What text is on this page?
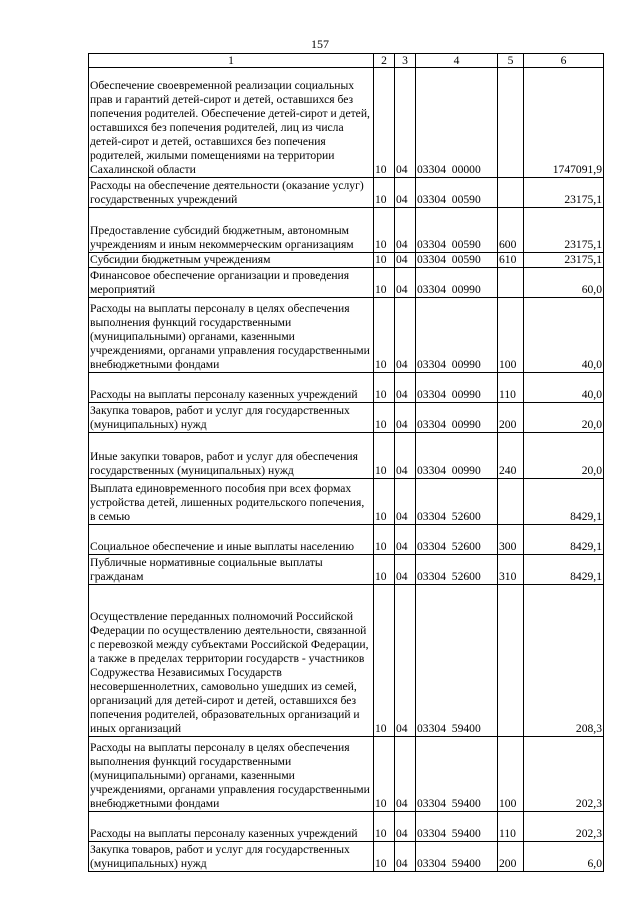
157
1	2	3	4	5	6
Обеспечение своевременной реализации социальных прав и гарантий детей-сирот и детей, оставшихся без попечения родителей. Обеспечение детей-сирот и детей, оставшихся без попечения родителей, лиц из числа детей-сирот и детей, оставшихся без попечения родителей, жилыми помещениями на территории Сахалинской области	10	04	03304  00000		1747091,9
Расходы на обеспечение деятельности (оказание услуг) государственных учреждений	10	04	03304  00590		23175,1
Предоставление субсидий бюджетным, автономным учреждениям и иным некоммерческим организациям	10	04	03304  00590	600	23175,1
Субсидии бюджетным учреждениям	10	04	03304  00590	610	23175,1
Финансовое обеспечение организации и проведения мероприятий	10	04	03304  00990		60,0
Расходы на выплаты персоналу в целях обеспечения выполнения функций государственными (муниципальными) органами, казенными учреждениями, органами управления государственными внебюджетными фондами	10	04	03304  00990	100	40,0
Расходы на выплаты персоналу казенных учреждений	10	04	03304  00990	110	40,0
Закупка товаров, работ и услуг для государственных (муниципальных) нужд	10	04	03304  00990	200	20,0
Иные закупки товаров, работ и услуг для обеспечения государственных (муниципальных) нужд	10	04	03304  00990	240	20,0
Выплата единовременного пособия при всех формах устройства детей, лишенных родительского попечения, в семью	10	04	03304  52600		8429,1
Социальное обеспечение и иные выплаты населению	10	04	03304  52600	300	8429,1
Публичные нормативные социальные выплаты гражданам	10	04	03304  52600	310	8429,1
Осуществление переданных полномочий Российской Федерации по осуществлению деятельности, связанной с перевозкой между субъектами Российской Федерации, а также в пределах территории государств - участников Содружества Независимых Государств несовершеннолетних, самовольно ушедших из семей, организаций для детей-сирот и детей, оставшихся без попечения родителей, образовательных организаций и иных организаций	10	04	03304  59400		208,3
Расходы на выплаты персоналу в целях обеспечения выполнения функций государственными (муниципальными) органами, казенными учреждениями, органами управления государственными внебюджетными фондами	10	04	03304  59400	100	202,3
Расходы на выплаты персоналу казенных учреждений	10	04	03304  59400	110	202,3
Закупка товаров, работ и услуг для государственных (муниципальных) нужд	10	04	03304  59400	200	6,0
